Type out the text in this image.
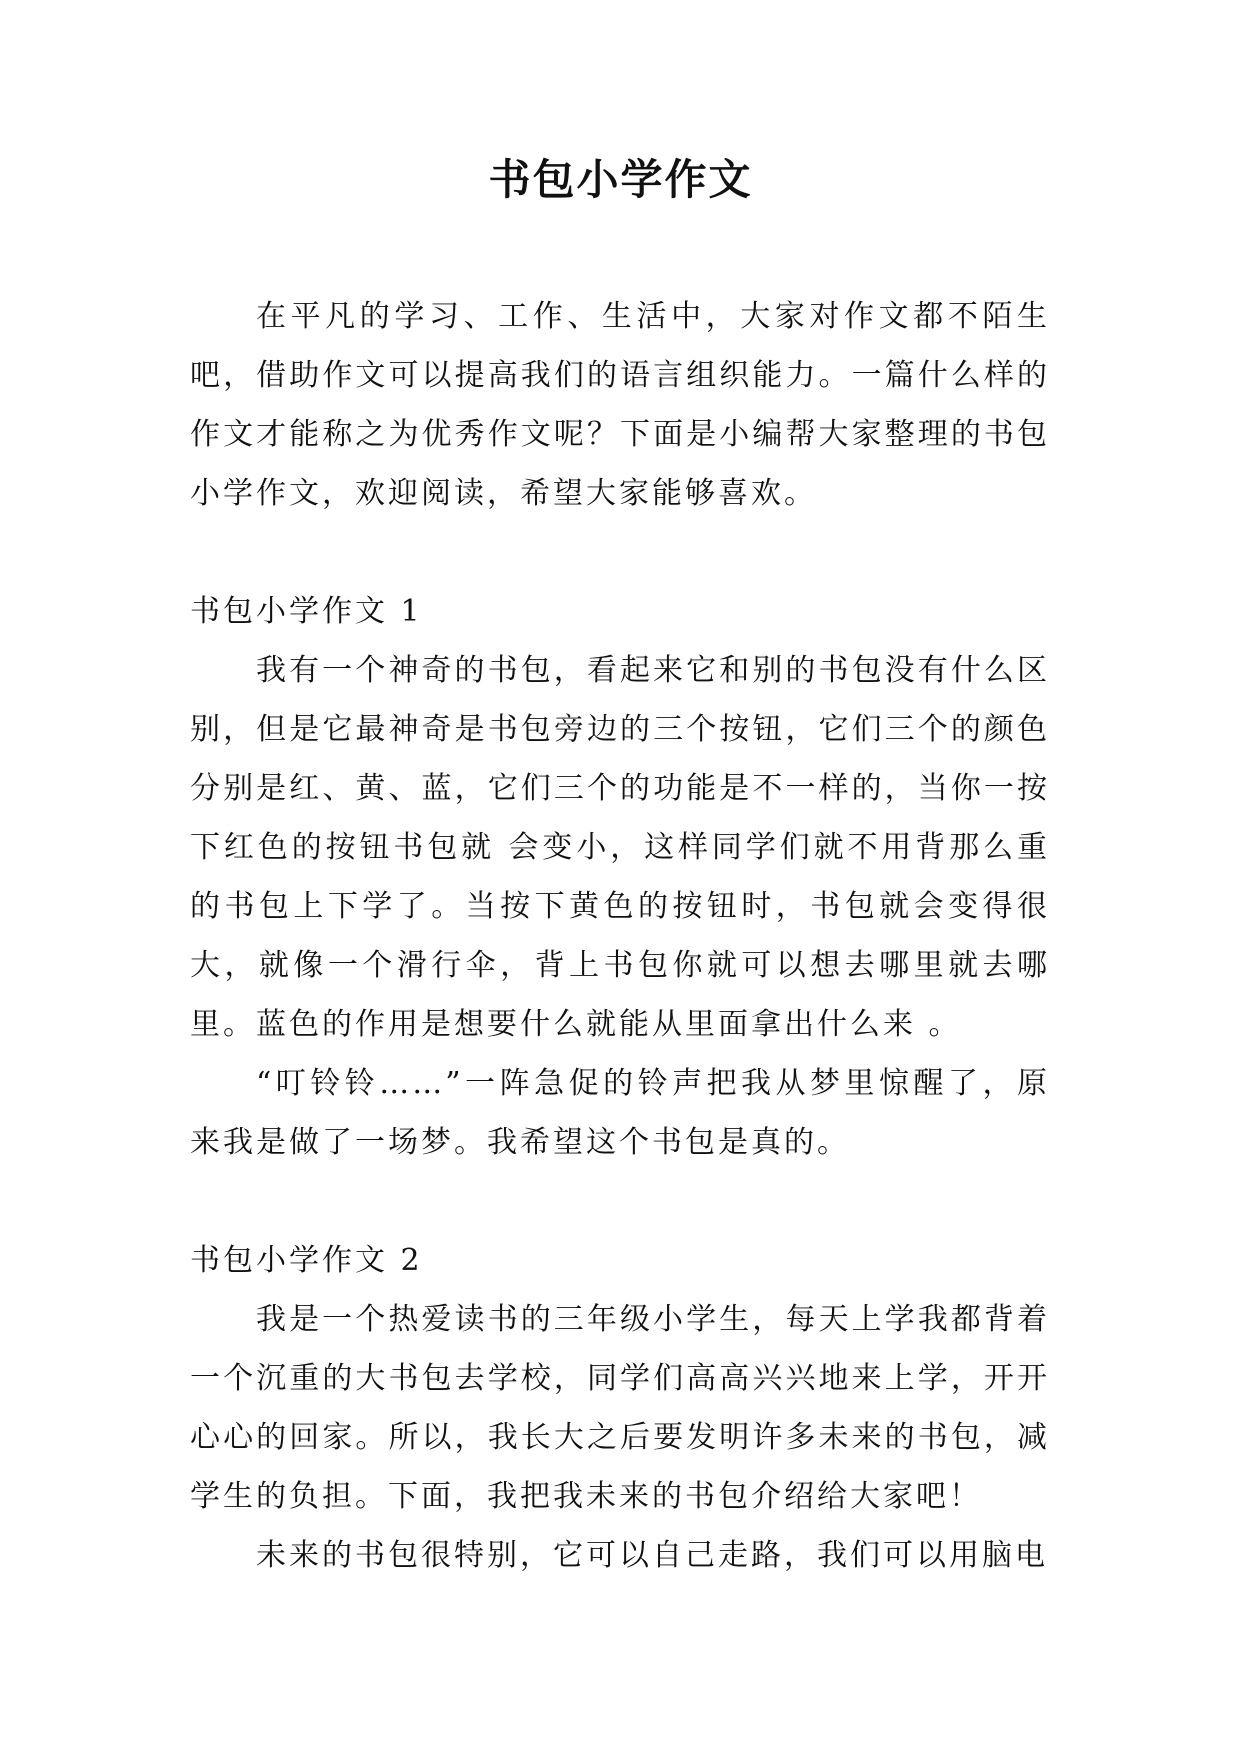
书包小学作文

在平凡的学习、工作、生活中，大家对作文都不陌生吧，借助作文可以提高我们的语言组织能力。一篇什么样的作文才能称之为优秀作文呢？下面是小编帮大家整理的书包小学作文，欢迎阅读，希望大家能够喜欢。

书包小学作文 1

我有一个神奇的书包，看起来它和别的书包没有什么区别，但是它最神奇是书包旁边的三个按钮，它们三个的颜色分别是红、黄、蓝，它们三个的功能是不一样的，当你一按下红色的按钮书包就 会变小，这样同学们就不用背那么重的书包上下学了。当按下黄色的按钮时，书包就会变得很大，就像一个滑行伞，背上书包你就可以想去哪里就去哪里。蓝色的作用是想要什么就能从里面拿出什么来 。

“叮铃铃……”一阵急促的铃声把我从梦里惊醒了，原来我是做了一场梦。我希望这个书包是真的。

书包小学作文 2

我是一个热爱读书的三年级小学生，每天上学我都背着一个沉重的大书包去学校，同学们高高兴兴地来上学，开开心心的回家。所以，我长大之后要发明许多未来的书包，减学生的负担。下面，我把我未来的书包介绍给大家吧！

未来的书包很特别，它可以自己走路，我们可以用脑电
